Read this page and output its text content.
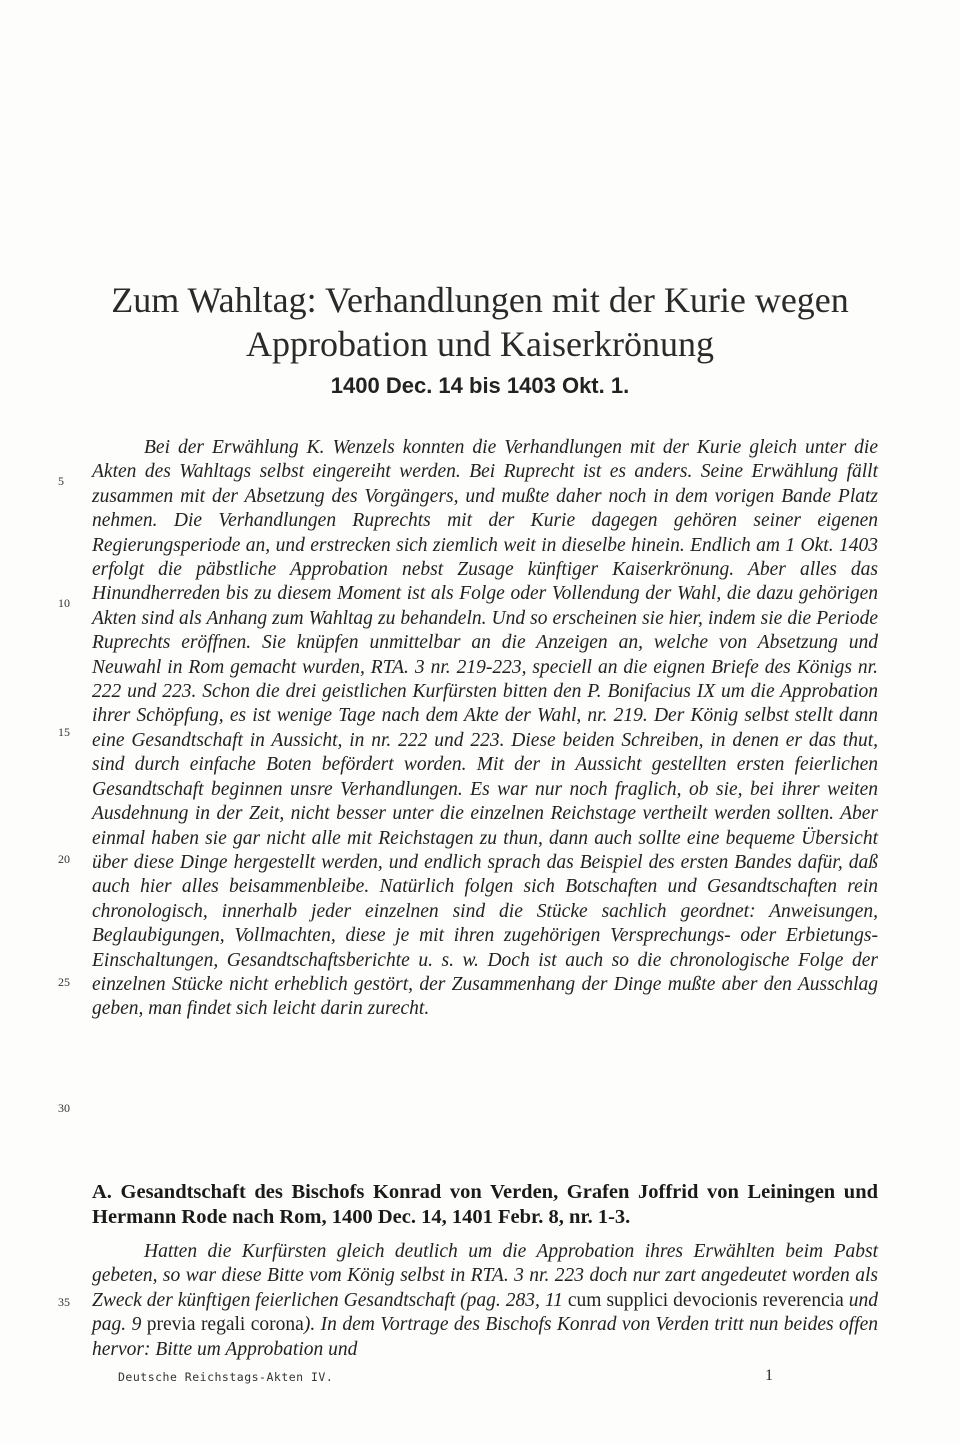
Zum Wahltag: Verhandlungen mit der Kurie wegen
Approbation und Kaiserkrönung
1400 Dec. 14 bis 1403 Okt. 1.

Bei der Erwählung K. Wenzels konnten die Verhandlungen mit der Kurie gleich unter die Akten des Wahltags selbst eingereiht werden. Bei Ruprecht ist es anders. Seine Erwählung fällt zusammen mit der Absetzung des Vorgängers, und mußte daher noch in dem vorigen Bande Platz nehmen. Die Verhandlungen Ruprechts mit der Kurie dagegen gehören seiner eigenen Regierungsperiode an, und erstrecken sich ziemlich weit in dieselbe hinein. Endlich am 1 Okt. 1403 erfolgt die päbstliche Approbation nebst Zusage künftiger Kaiserkrönung. Aber alles das Hinundherreden bis zu diesem Moment ist als Folge oder Vollendung der Wahl, die dazu gehörigen Akten sind als Anhang zum Wahltag zu behandeln. Und so erscheinen sie hier, indem sie die Periode Ruprechts eröffnen. Sie knüpfen unmittelbar an die Anzeigen an, welche von Absetzung und Neuwahl in Rom gemacht wurden, RTA. 3 nr. 219-223, speciell an die eignen Briefe des Königs nr. 222 und 223. Schon die drei geistlichen Kurfürsten bitten den P. Bonifacius IX um die Approbation ihrer Schöpfung, es ist wenige Tage nach dem Akte der Wahl, nr. 219. Der König selbst stellt dann eine Gesandtschaft in Aussicht, in nr. 222 und 223. Diese beiden Schreiben, in denen er das thut, sind durch einfache Boten befördert worden. Mit der in Aussicht gestellten ersten feierlichen Gesandtschaft beginnen unsre Verhandlungen. Es war nur noch fraglich, ob sie, bei ihrer weiten Ausdehnung in der Zeit, nicht besser unter die einzelnen Reichstage vertheilt werden sollten. Aber einmal haben sie gar nicht alle mit Reichstagen zu thun, dann auch sollte eine bequeme Übersicht über diese Dinge hergestellt werden, und endlich sprach das Beispiel des ersten Bandes dafür, daß auch hier alles beisammenbleibe. Natürlich folgen sich Botschaften und Gesandtschaften rein chronologisch, innerhalb jeder einzelnen sind die Stücke sachlich geordnet: Anweisungen, Beglaubigungen, Vollmachten, diese je mit ihren zugehörigen Versprechungs- oder Erbietungs-Einschaltungen, Gesandtschaftsberichte u. s. w. Doch ist auch so die chronologische Folge der einzelnen Stücke nicht erheblich gestört, der Zusammenhang der Dinge mußte aber den Ausschlag geben, man findet sich leicht darin zurecht.

A. Gesandtschaft des Bischofs Konrad von Verden, Grafen Joffrid von Leiningen und Hermann Rode nach Rom, 1400 Dec. 14, 1401 Febr. 8, nr. 1-3.

Hatten die Kurfürsten gleich deutlich um die Approbation ihres Erwählten beim Pabst gebeten, so war diese Bitte vom König selbst in RTA. 3 nr. 223 doch nur zart angedeutet worden als Zweck der künftigen feierlichen Gesandtschaft (pag. 283, 11 cum supplici devocionis reverencia und pag. 9 previa regali corona). In dem Vortrage des Bischofs Konrad von Verden tritt nun beides offen hervor: Bitte um Approbation und

5
10
15
20
25
30
35
Deutsche Reichstags-Akten IV.	1
